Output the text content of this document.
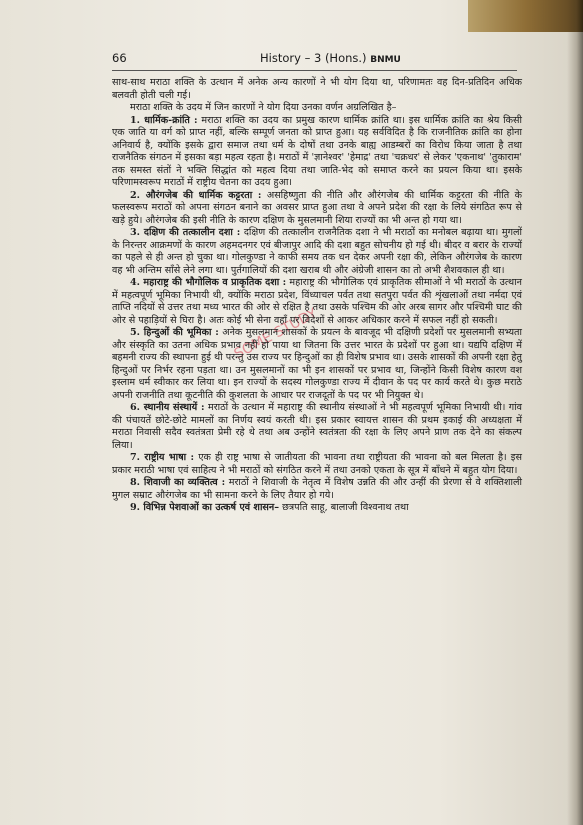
66	History – 3 (Hons.) BNMU
SOME STUDY

साथ-साथ मराठा शक्ति के उत्थान में अनेक अन्य कारणों ने भी योग दिया था, परिणामतः वह दिन-प्रतिदिन अधिक बलवती होती चली गई।

मराठा शक्ति के उदय में जिन कारणों ने योग दिया उनका वर्णन अग्रलिखित है–

1. धार्मिक-क्रांति : मराठा शक्ति का उदय का प्रमुख कारण धार्मिक क्रांति था। इस धार्मिक क्रांति का श्रेय किसी एक जाति या वर्ग को प्राप्त नहीं, बल्कि सम्पूर्ण जनता को प्राप्त हुआ। यह सर्वविदित है कि राजनीतिक क्रांति का होना अनिवार्य है, क्योंकि इसके द्वारा समाज तथा धर्म के दोषों तथा उनके बाह्य आडम्बरों का विरोध किया जाता है तथा राजनैतिक संगठन में इसका बड़ा महत्व रहता है। मराठों में 'ज्ञानेश्वर' 'हेमाद्र' तथा 'चक्रधर' से लेकर 'एकनाथ' 'तुकाराम' तक समस्त संतों ने भक्ति सिद्धांत को महत्व दिया तथा जाति-भेद को समाप्त करने का प्रयत्न किया था। इसके परिणामस्वरूप मराठों में राष्ट्रीय चेतना का उदय हुआ।

2. औरंगजेब की धार्मिक कट्टरता : असहिष्णुता की नीति और औरंगजेब की धार्मिक कट्टरता की नीति के फलस्वरूप मराठों को अपना संगठन बनाने का अवसर प्राप्त हुआ तथा वे अपने प्रदेश की रक्षा के लिये संगठित रूप से खड़े हुये। औरंगजेब की इसी नीति के कारण दक्षिण के मुसलमानी शिया राज्यों का भी अन्त हो गया था।

3. दक्षिण की तत्कालीन दशा : दक्षिण की तत्कालीन राजनैतिक दशा ने भी मराठों का मनोबल बढ़ाया था। मुगलों के निरन्तर आक्रमणों के कारण अहमदनगर एवं बीजापुर आदि की दशा बहुत सोचनीय हो गई थी। बीदर व बरार के राज्यों का पहले से ही अन्त हो चुका था। गोलकुण्डा ने काफी समय तक धन देकर अपनी रक्षा की, लेकिन औरंगजेब के कारण वह भी अन्तिम साँसे लेने लगा था। पुर्तगालियों की दशा खराब थी और अंग्रेजी शासन का तो अभी शैशवकाल ही था।

4. महाराष्ट्र की भौगोलिक व प्राकृतिक दशा : महाराष्ट्र की भौगोलिक एवं प्राकृतिक सीमाओं ने भी मराठों के उत्थान में महत्वपूर्ण भूमिका निभायी थी, क्योंकि मराठा प्रदेश, विंध्याचल पर्वत तथा सतपुरा पर्वत की शृंखलाओं तथा नर्मदा एवं ताप्ति नदियों से उत्तर तथा मध्य भारत की ओर से रक्षित है तथा उसके पश्चिम की ओर अरब सागर और पश्चिमी घाट की ओर से पहाड़ियों से घिरा है। अतः कोई भी सेना वहाँ पर विदेशों से आकर अधिकार करने में सफल नहीं हो सकती।

5. हिन्दुओं की भूमिका : अनेक मुसलमान शासकों के प्रयत्न के बावजूद भी दक्षिणी प्रदेशों पर मुसलमानी सभ्यता और संस्कृति का उतना अधिक प्रभाव नहीं हो पाया था जितना कि उत्तर भारत के प्रदेशों पर हुआ था। यद्यपि दक्षिण में बहमनी राज्य की स्थापना हुई थी परन्तु उस राज्य पर हिन्दुओं का ही विशेष प्रभाव था। उसके शासकों की अपनी रक्षा हेतु हिन्दुओं पर निर्भर रहना पड़ता था। उन मुसलमानों का भी इन शासकों पर प्रभाव था, जिन्होंने किसी विशेष कारण वश इस्लाम धर्म स्वीकार कर लिया था। इन राज्यों के सदस्य गोलकुण्डा राज्य में दीवान के पद पर कार्य करते थे। कुछ मराठे अपनी राजनीति तथा कूटनीति की कुशलता के आधार पर राजदूतों के पद पर भी नियुक्त थे।

6. स्थानीय संस्थायें : मराठों के उत्थान में महाराष्ट्र की स्थानीय संस्थाओं ने भी महत्वपूर्ण भूमिका निभायी थी। गांव की पंचायतें छोटे-छोटे मामलों का निर्णय स्वयं करती थी। इस प्रकार स्वायत्त शासन की प्रथम इकाई की अध्यक्षता में मराठा निवासी सदैव स्वतंत्रता प्रेमी रहे थे तथा अब उन्होंने स्वतंत्रता की रक्षा के लिए अपने प्राण तक देने का संकल्प लिया।

7. राष्ट्रीय भाषा : एक ही राष्ट्र भाषा से जातीयता की भावना तथा राष्ट्रीयता की भावना को बल मिलता है। इस प्रकार मराठी भाषा एवं साहित्य ने भी मराठों को संगठित करने में तथा उनको एकता के सूत्र में बाँधने में बहुत योग दिया।

8. शिवाजी का व्यक्तित्व : मराठों ने शिवाजी के नेतृत्व में विशेष उन्नति की और उन्हीं की प्रेरणा से वे शक्तिशाली मुगल सम्राट औरंगजेब का भी सामना करने के लिए तैयार हो गये।

9. विभिन्न पेशवाओं का उत्कर्ष एवं शासन– छत्रपति साहू, बालाजी विश्वनाथ तथा
